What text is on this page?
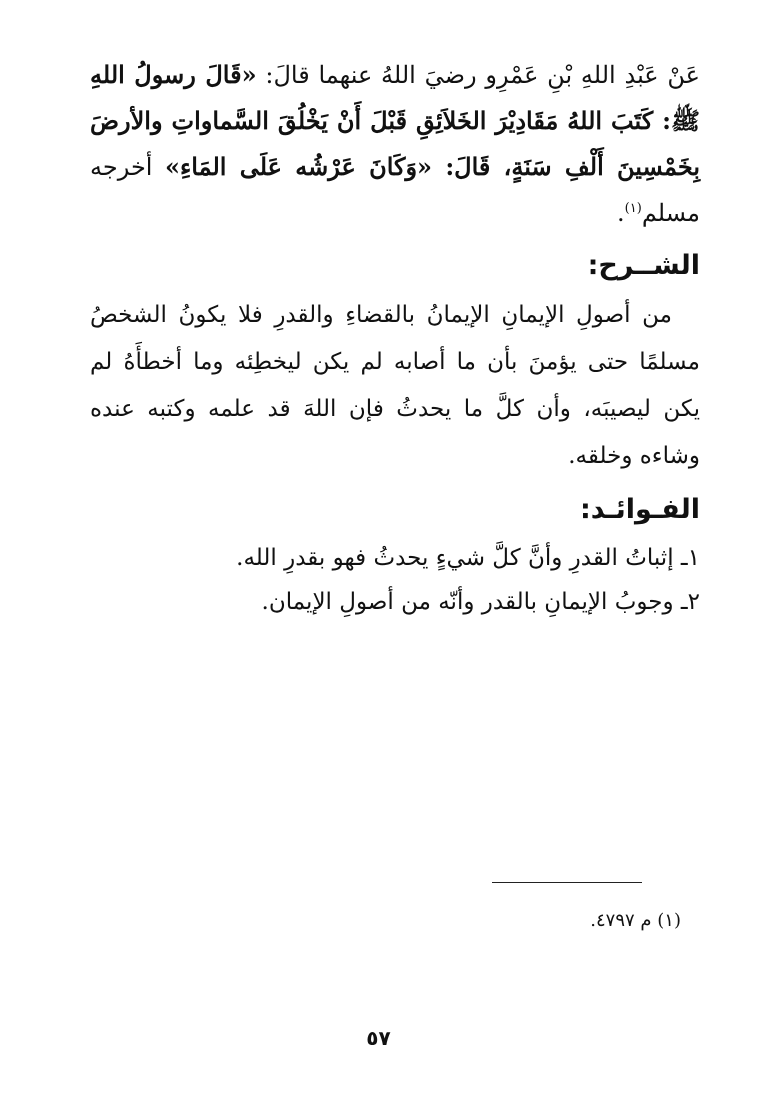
عَنْ عَبْدِ اللهِ بْنِ عَمْرِو رضيَ اللهُ عنهما قالَ: «قَالَ رسولُ اللهِ ﷺ: كَتَبَ اللهُ مَقَادِيْرَ الخَلاَئِقِ قَبْلَ أَنْ يَخْلُقَ السَّماواتِ والأرضَ بِخَمْسِينَ أَلْفِ سَنَةٍ، قَالَ: «وَكَانَ عَرْشُه عَلَى المَاءِ» أخرجه مسلم$^{(١)}$.

الشــرح:

من أصولِ الإيمانِ الإيمانُ بالقضاءِ والقدرِ فلا يكونُ الشخصُ مسلمًا حتى يؤمنَ بأن ما أصابه لم يكن ليخطِئه وما أخطأَهُ لم يكن ليصيبَه، وأن كلَّ ما يحدثُ فإن اللهَ قد علمه وكتبه عنده وشاءه وخلقه.

الفـوائـد:

١ـ إثباتُ القدرِ وأنَّ كلَّ شيءٍ يحدثُ فهو بقدرِ الله.

٢ـ وجوبُ الإيمانِ بالقدر وأنّه من أصولِ الإيمان.

(١) م ٤٧٩٧.
٥٧
